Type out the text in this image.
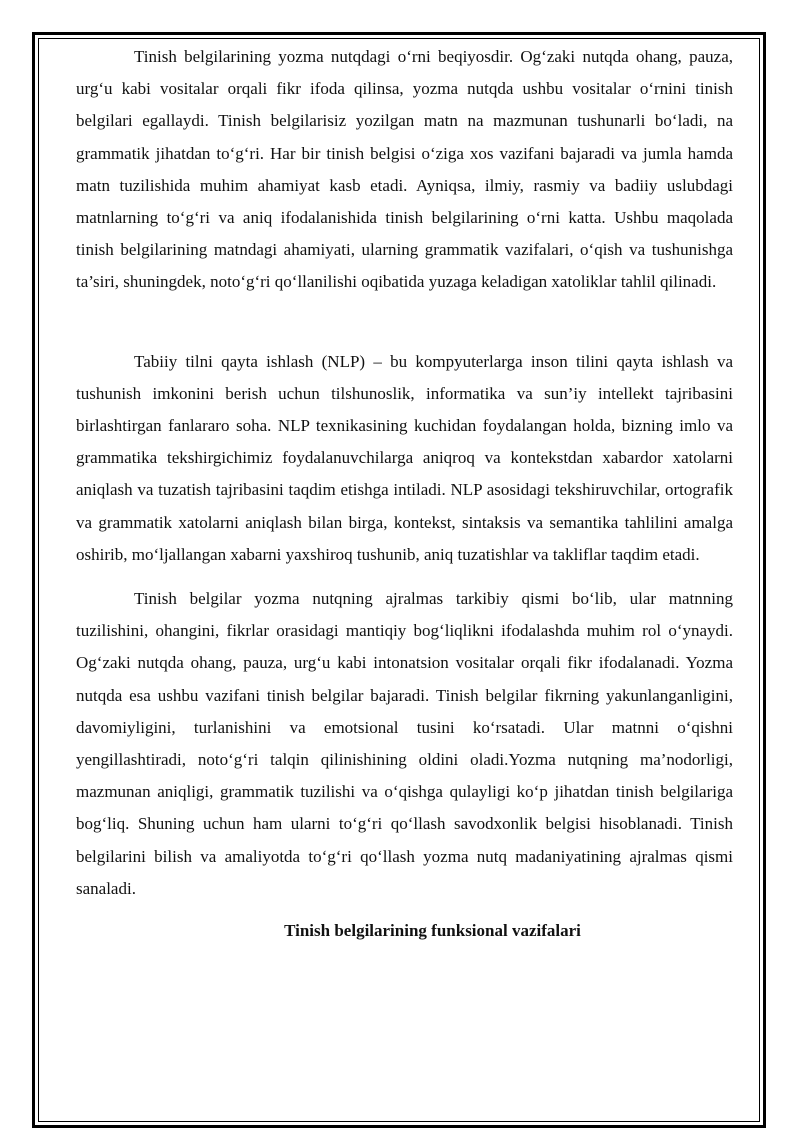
Tinish belgilarining yozma nutqdagi o‘rni beqiyosdir. Og‘zaki nutqda ohang, pauza, urg‘u kabi vositalar orqali fikr ifoda qilinsa, yozma nutqda ushbu vositalar o‘rnini tinish belgilari egallaydi. Tinish belgilarisiz yozilgan matn na mazmunan tushunarli bo‘ladi, na grammatik jihatdan to‘g‘ri. Har bir tinish belgisi o‘ziga xos vazifani bajaradi va jumla hamda matn tuzilishida muhim ahamiyat kasb etadi. Ayniqsa, ilmiy, rasmiy va badiiy uslubdagi matnlarning to‘g‘ri va aniq ifodalanishida tinish belgilarining o‘rni katta. Ushbu maqolada tinish belgilarining matndagi ahamiyati, ularning grammatik vazifalari, o‘qish va tushunishga ta’siri, shuningdek, noto‘g‘ri qo‘llanilishi oqibatida yuzaga keladigan xatoliklar tahlil qilinadi.

Tabiiy tilni qayta ishlash (NLP) – bu kompyuterlarga inson tilini qayta ishlash va tushunish imkonini berish uchun tilshunoslik, informatika va sun’iy intellekt tajribasini birlashtirgan fanlararo soha. NLP texnikasining kuchidan foydalangan holda, bizning imlo va grammatika tekshirgichimiz foydalanuvchilarga aniqroq va kontekstdan xabardor xatolarni aniqlash va tuzatish tajribasini taqdim etishga intiladi. NLP asosidagi tekshiruvchilar, ortografik va grammatik xatolarni aniqlash bilan birga, kontekst, sintaksis va semantika tahlilini amalga oshirib, mo‘ljallangan xabarni yaxshiroq tushunib, aniq tuzatishlar va takliflar taqdim etadi.

Tinish belgilar yozma nutqning ajralmas tarkibiy qismi bo‘lib, ular matnning tuzilishini, ohangini, fikrlar orasidagi mantiqiy bog‘liqlikni ifodalashda muhim rol o‘ynaydi. Og‘zaki nutqda ohang, pauza, urg‘u kabi intonatsion vositalar orqali fikr ifodalanadi. Yozma nutqda esa ushbu vazifani tinish belgilar bajaradi. Tinish belgilar fikrning yakunlanganligini, davomiyligini, turlanishini va emotsional tusini ko‘rsatadi. Ular matnni o‘qishni yengillashtiradi, noto‘g‘ri talqin qilinishining oldini oladi.Yozma nutqning ma’nodorligi, mazmunan aniqligi, grammatik tuzilishi va o‘qishga qulayligi ko‘p jihatdan tinish belgilariga bog‘liq. Shuning uchun ham ularni to‘g‘ri qo‘llash savodxonlik belgisi hisoblanadi. Tinish belgilarini bilish va amaliyotda to‘g‘ri qo‘llash yozma nutq madaniyatining ajralmas qismi sanaladi.

Tinish belgilarining funksional vazifalari
